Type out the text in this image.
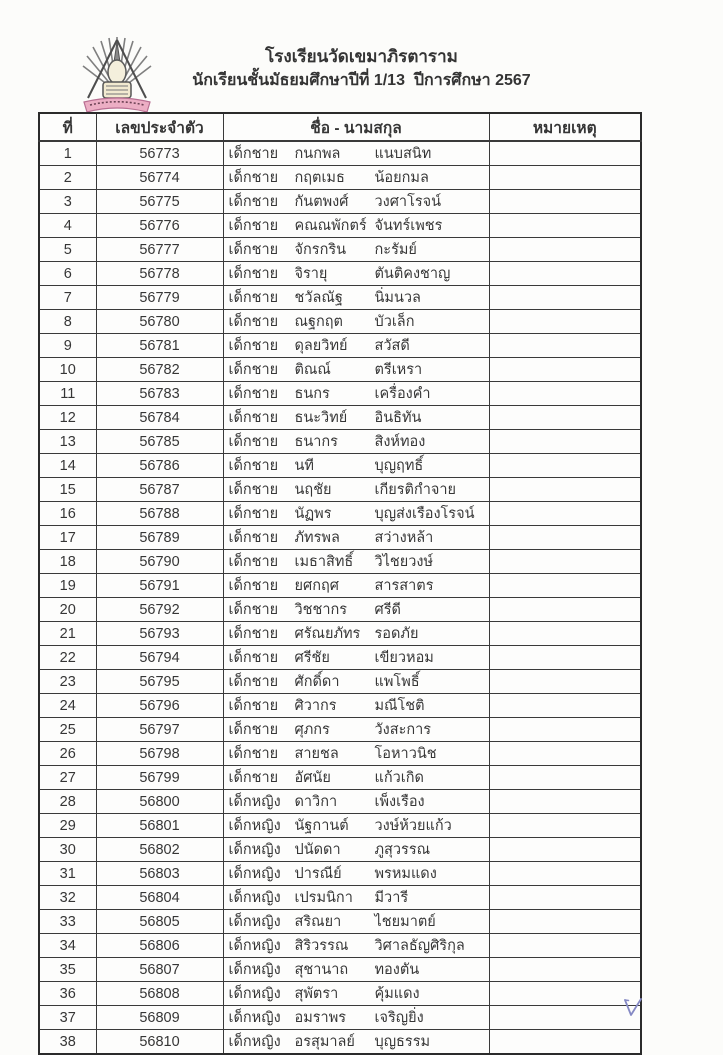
โรงเรียนวัดเขมาภิรตาราม
นักเรียนชั้นมัธยมศึกษาปีที่ 1/13  ปีการศึกษา 2567
ที่	เลขประจำตัว	ชื่อ - นามสกุล	หมายเหตุ
1	56773	เด็กชาย กนกพล แนบสนิท	
2	56774	เด็กชาย กฤตเมธ น้อยกมล	
3	56775	เด็กชาย กันตพงศ์ วงศาโรจน์	
4	56776	เด็กชาย คณณพักตร์ จันทร์เพชร	
5	56777	เด็กชาย จักรกริน กะรัมย์	
6	56778	เด็กชาย จิรายุ ตันติคงชาญ	
7	56779	เด็กชาย ชวัลณัฐ นิ่มนวล	
8	56780	เด็กชาย ณฐกฤต บัวเล็ก	
9	56781	เด็กชาย ดุลยวิทย์ สวัสดี	
10	56782	เด็กชาย ติณณ์ ตรีเหรา	
11	56783	เด็กชาย ธนกร เครื่องคำ	
12	56784	เด็กชาย ธนะวิทย์ อินธิทัน	
13	56785	เด็กชาย ธนากร สิงห์ทอง	
14	56786	เด็กชาย นที บุญฤทธิ์	
15	56787	เด็กชาย นฤชัย เกียรติกำจาย	
16	56788	เด็กชาย นัฏพร บุญส่งเรืองโรจน์	
17	56789	เด็กชาย ภัทรพล สว่างหล้า	
18	56790	เด็กชาย เมธาสิทธิ์ วิไชยวงษ์	
19	56791	เด็กชาย ยศกฤศ สารสาตร	
20	56792	เด็กชาย วิชชากร ศรีดี	
21	56793	เด็กชาย ศรัณยภัทร รอดภัย	
22	56794	เด็กชาย ศรีชัย เขียวหอม	
23	56795	เด็กชาย ศักดิ์ดา แพโพธิ์	
24	56796	เด็กชาย ศิวากร มณีโชติ	
25	56797	เด็กชาย ศุภกร วังสะการ	
26	56798	เด็กชาย สายชล โอหาวนิช	
27	56799	เด็กชาย อัศนัย แก้วเกิด	
28	56800	เด็กหญิง ดาวิกา เพ็งเรือง	
29	56801	เด็กหญิง นัฐกานต์ วงษ์ห้วยแก้ว	
30	56802	เด็กหญิง ปนัดดา ภูสุวรรณ	
31	56803	เด็กหญิง ปารณีย์ พรหมแดง	
32	56804	เด็กหญิง เปรมนิกา มีวารี	
33	56805	เด็กหญิง สริณยา ไชยมาตย์	
34	56806	เด็กหญิง สิริวรรณ วิศาลธัญศิริกุล	
35	56807	เด็กหญิง สุชานาถ ทองตัน	
36	56808	เด็กหญิง สุพัตรา คุ้มแดง	
37	56809	เด็กหญิง อมราพร เจริญยิ่ง	
38	56810	เด็กหญิง อรสุมาลย์ บุญธรรม	
